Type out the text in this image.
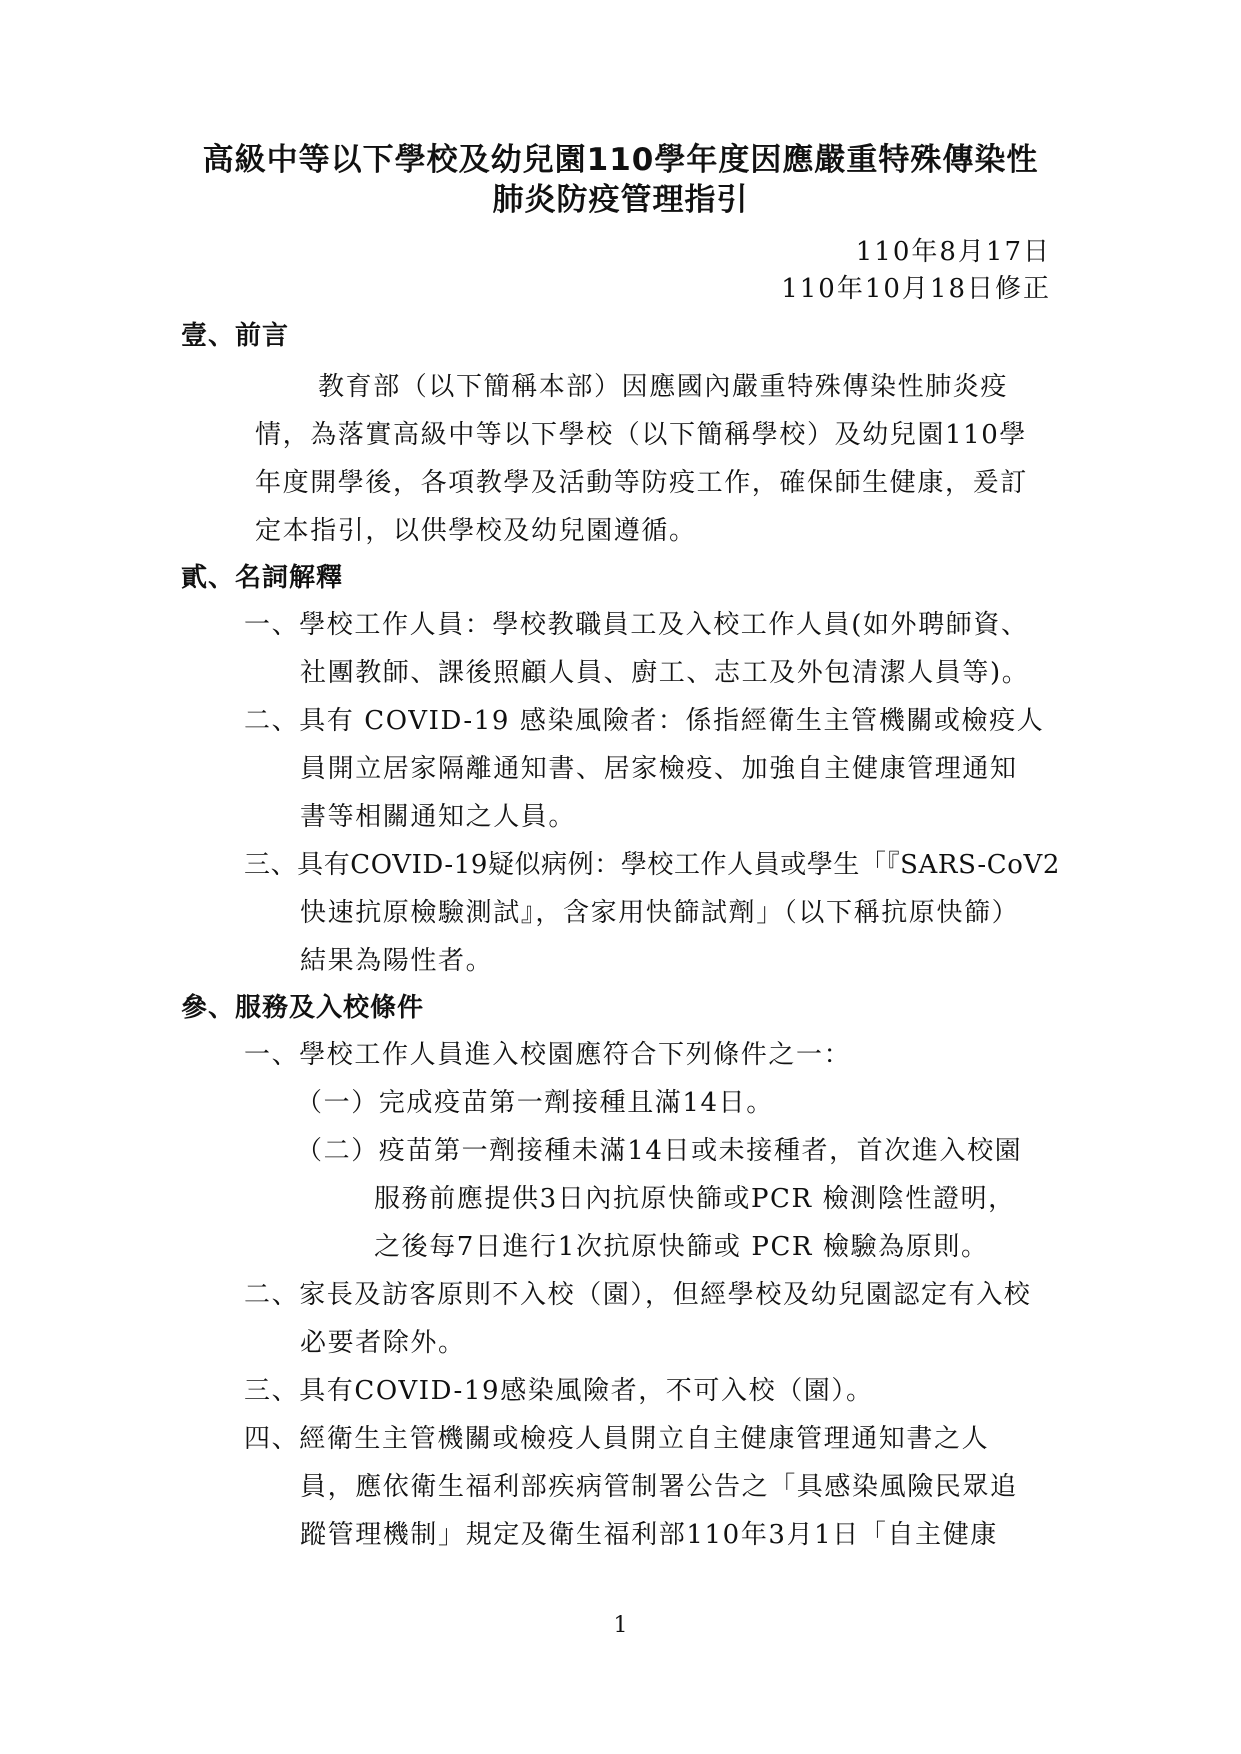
高級中等以下學校及幼兒園110學年度因應嚴重特殊傳染性
肺炎防疫管理指引
110年8月17日
110年10月18日修正
壹、前言
教育部（以下簡稱本部）因應國內嚴重特殊傳染性肺炎疫
情，為落實高級中等以下學校（以下簡稱學校）及幼兒園110學
年度開學後，各項教學及活動等防疫工作，確保師生健康，爰訂
定本指引，以供學校及幼兒園遵循。
貳、名詞解釋
一、學校工作人員：學校教職員工及入校工作人員(如外聘師資、
社團教師、課後照顧人員、廚工、志工及外包清潔人員等)。
二、具有 COVID-19 感染風險者：係指經衛生主管機關或檢疫人
員開立居家隔離通知書、居家檢疫、加強自主健康管理通知
書等相關通知之人員。
三、具有COVID-19疑似病例：學校工作人員或學生「『SARS-CoV2
快速抗原檢驗測試』，含家用快篩試劑」（以下稱抗原快篩）
結果為陽性者。
參、服務及入校條件
一、學校工作人員進入校園應符合下列條件之一：
（一）完成疫苗第一劑接種且滿14日。
（二）疫苗第一劑接種未滿14日或未接種者，首次進入校園
服務前應提供3日內抗原快篩或PCR 檢測陰性證明，
之後每7日進行1次抗原快篩或 PCR 檢驗為原則。
二、家長及訪客原則不入校（園），但經學校及幼兒園認定有入校
必要者除外。
三、具有COVID-19感染風險者，不可入校（園）。
四、經衛生主管機關或檢疫人員開立自主健康管理通知書之人
員，應依衛生福利部疾病管制署公告之「具感染風險民眾追
蹤管理機制」規定及衛生福利部110年3月1日「自主健康
1
